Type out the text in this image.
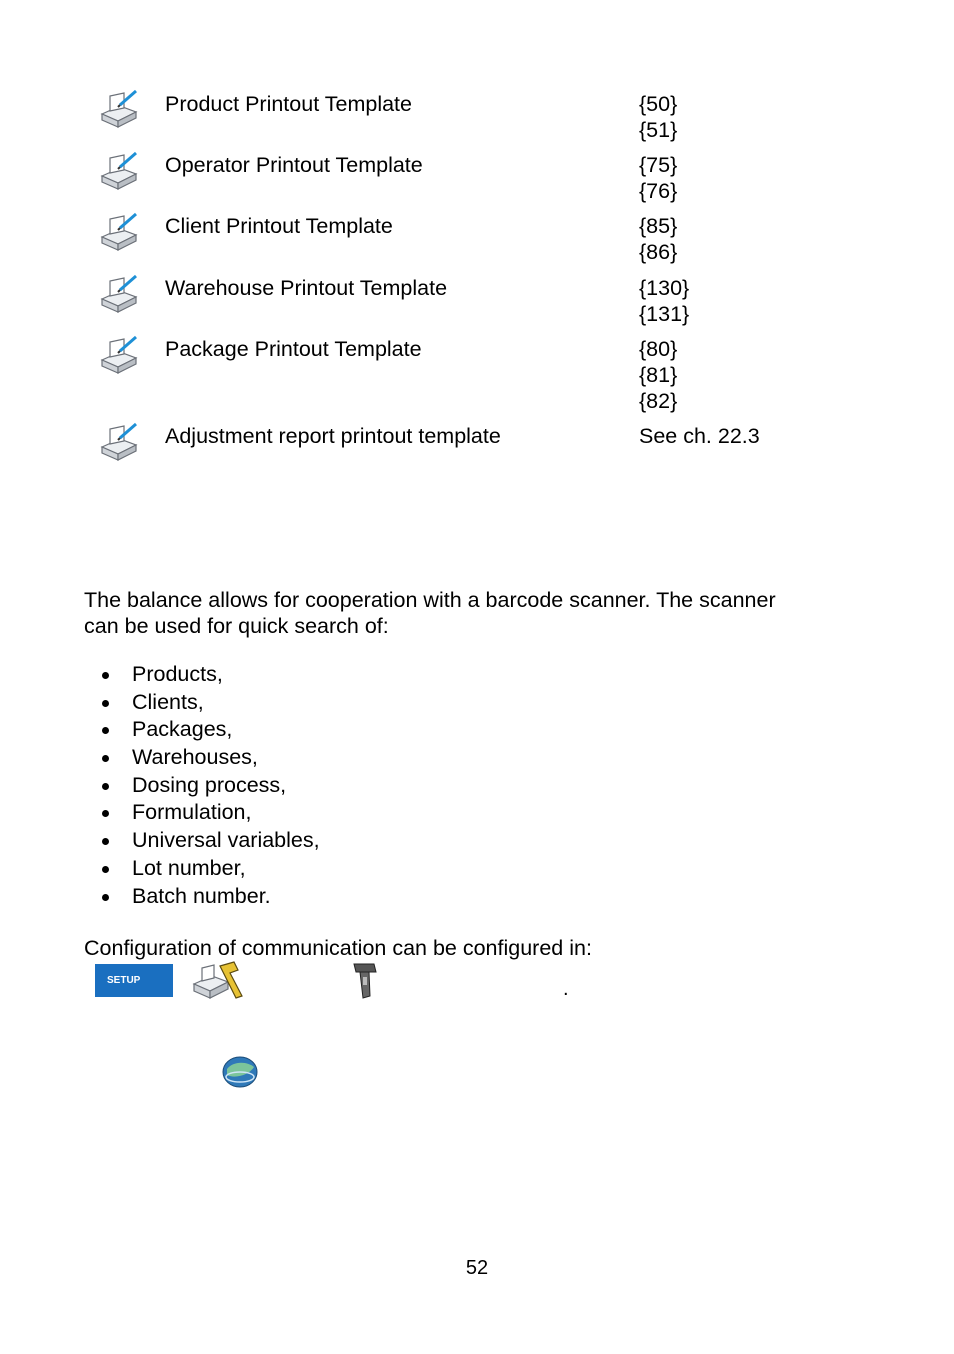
Product Printout Template	{50}
{51}
Operator Printout Template	{75}
{76}
Client Printout Template	{85}
{86}
Warehouse Printout Template	{130}
{131}
Package Printout Template	{80}
{81}
{82}
Adjustment report printout template	See ch. 22.3

The balance allows for cooperation with a barcode scanner. The scanner
can be used for quick search of:

Products,
Clients,
Packages,
Warehouses,
Dosing process,
Formulation,
Universal variables,
Lot number,
Batch number.

Configuration of communication can be configured in:

SETUP	.
52
